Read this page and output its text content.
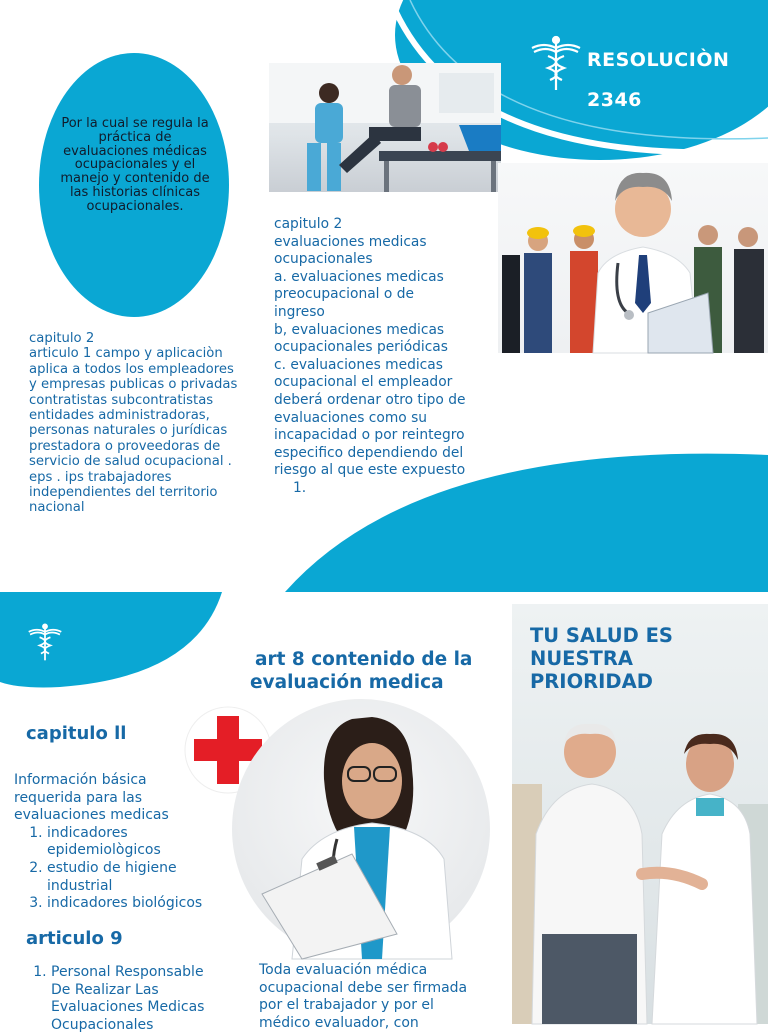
RESOLUCIÒN
2346
Por la cual se regula la práctica de evaluaciones médicas ocupacionales y el manejo y contenido de las historias clínicas ocupacionales.
capitulo 2
articulo 1 campo y aplicaciòn
aplica a todos los empleadores
y empresas publicas o privadas
contratistas subcontratistas
entidades administradoras,
personas naturales o jurídicas
prestadora o proveedoras de
servicio de salud ocupacional .
eps . ips trabajadores
independientes del territorio
nacional
capitulo 2
evaluaciones medicas
ocupacionales
a. evaluaciones medicas
preocupacional o de
ingreso
b, evaluaciones medicas
ocupacionales periódicas
c. evaluaciones medicas
ocupacional el empleador
deberá ordenar otro tipo de
evaluaciones como su
incapacidad o por reintegro
especifico dependiendo del
riesgo al que este expuesto
1.
art 8 contenido de la
evaluación medica
capitulo ll
Información básica
requerida para las
evaluaciones medicas
1. indicadores epidemiològicos
2. estudio de higiene industrial
3. indicadores biológicos
articulo 9
1. Personal Responsable De Realizar Las Evaluaciones Medicas Ocupacionales
Toda evaluación médica ocupacional debe ser firmada por el trabajador y por el médico evaluador, con
TU SALUD ES
NUESTRA
PRIORIDAD
